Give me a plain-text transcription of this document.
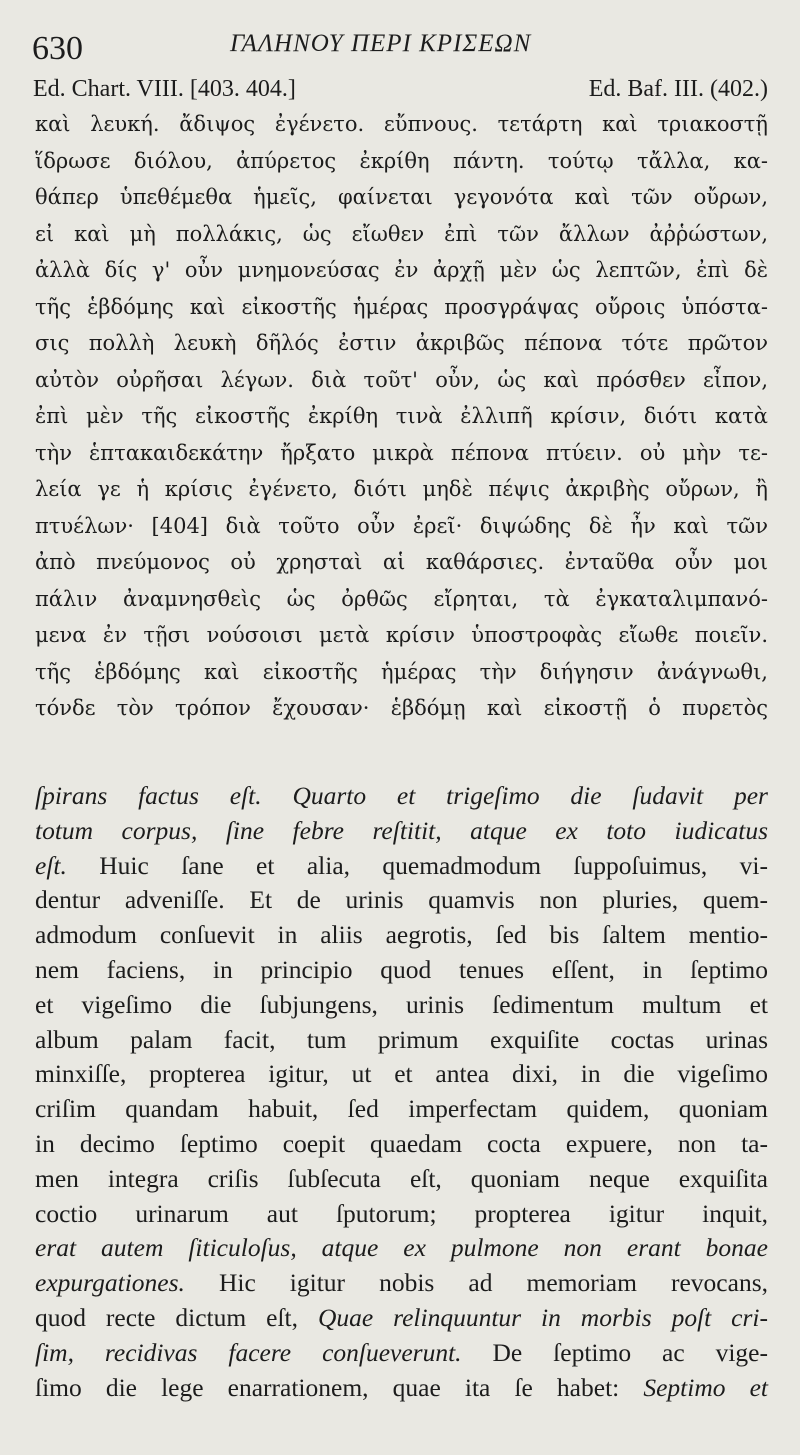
630	ΓΑΛΗΝΟΥ ΠΕΡΙ ΚΡΙΣΕΩΝ
Ed. Chart. VIII. [403. 404.]	Ed. Baf. III. (402.)
καὶ λευκή. ἄδιψος ἐγένετο. εὔπνους. τετάρτη καὶ τριακοστῇ
ἵδρωσε διόλου, ἀπύρετος ἐκρίθη πάντη. τούτῳ τἄλλα, κα-
θάπερ ὑπεθέμεθα ἡμεῖς, φαίνεται γεγονότα καὶ τῶν οὔρων,
εἰ καὶ μὴ πολλάκις, ὡς εἴωθεν ἐπὶ τῶν ἄλλων ἀῤῥώστων,
ἀλλὰ δίς γ' οὖν μνημονεύσας ἐν ἀρχῇ μὲν ὡς λεπτῶν, ἐπὶ δὲ
τῆς ἑβδόμης καὶ εἰκοστῆς ἡμέρας προσγράψας οὔροις ὑπόστα-
σις πολλὴ λευκὴ δῆλός ἐστιν ἀκριβῶς πέπονα τότε πρῶτον
αὐτὸν οὐρῆσαι λέγων. διὰ τοῦτ' οὖν, ὡς καὶ πρόσθεν εἶπον,
ἐπὶ μὲν τῆς εἰκοστῆς ἐκρίθη τινὰ ἐλλιπῆ κρίσιν, διότι κατὰ
τὴν ἑπτακαιδεκάτην ἤρξατο μικρὰ πέπονα πτύειν. οὐ μὴν τε-
λεία γε ἡ κρίσις ἐγένετο, διότι μηδὲ πέψις ἀκριβὴς οὔρων, ἢ
πτυέλων· [404] διὰ τοῦτο οὖν ἐρεῖ· διψώδης δὲ ἦν καὶ τῶν
ἀπὸ πνεύμονος οὐ χρησταὶ αἱ καθάρσιες. ἐνταῦθα οὖν μοι
πάλιν ἀναμνησθεὶς ὡς ὀρθῶς εἴρηται, τὰ ἐγκαταλιμπανό-
μενα ἐν τῇσι νούσοισι μετὰ κρίσιν ὑποστροφὰς εἴωθε ποιεῖν.
τῆς ἑβδόμης καὶ εἰκοστῆς ἡμέρας τὴν διήγησιν ἀνάγνωθι,
τόνδε τὸν τρόπον ἔχουσαν· ἑβδόμῃ καὶ εἰκοστῇ ὁ πυρετὸς
ſpirans factus eſt. Quarto et trigeſimo die ſudavit per
totum corpus, ſine febre reſtitit, atque ex toto iudicatus
eſt. Huic ſane et alia, quemadmodum ſuppoſuimus, vi-
dentur adveniſſe. Et de urinis quamvis non pluries, quem-
admodum conſuevit in aliis aegrotis, ſed bis ſaltem mentio-
nem faciens, in principio quod tenues eſſent, in ſeptimo
et vigeſimo die ſubjungens, urinis ſedimentum multum et
album palam facit, tum primum exquiſite coctas urinas
minxiſſe, propterea igitur, ut et antea dixi, in die vigeſimo
criſim quandam habuit, ſed imperfectam quidem, quoniam
in decimo ſeptimo coepit quaedam cocta expuere, non ta-
men integra criſis ſubſecuta eſt, quoniam neque exquiſita
coctio urinarum aut ſputorum; propterea igitur inquit,
erat autem ſiticuloſus, atque ex pulmone non erant bonae
expurgationes. Hic igitur nobis ad memoriam revocans,
quod recte dictum eſt, Quae relinquuntur in morbis poſt cri-
ſim, recidivas facere conſueverunt. De ſeptimo ac vige-
ſimo die lege enarrationem, quae ita ſe habet: Septimo et
